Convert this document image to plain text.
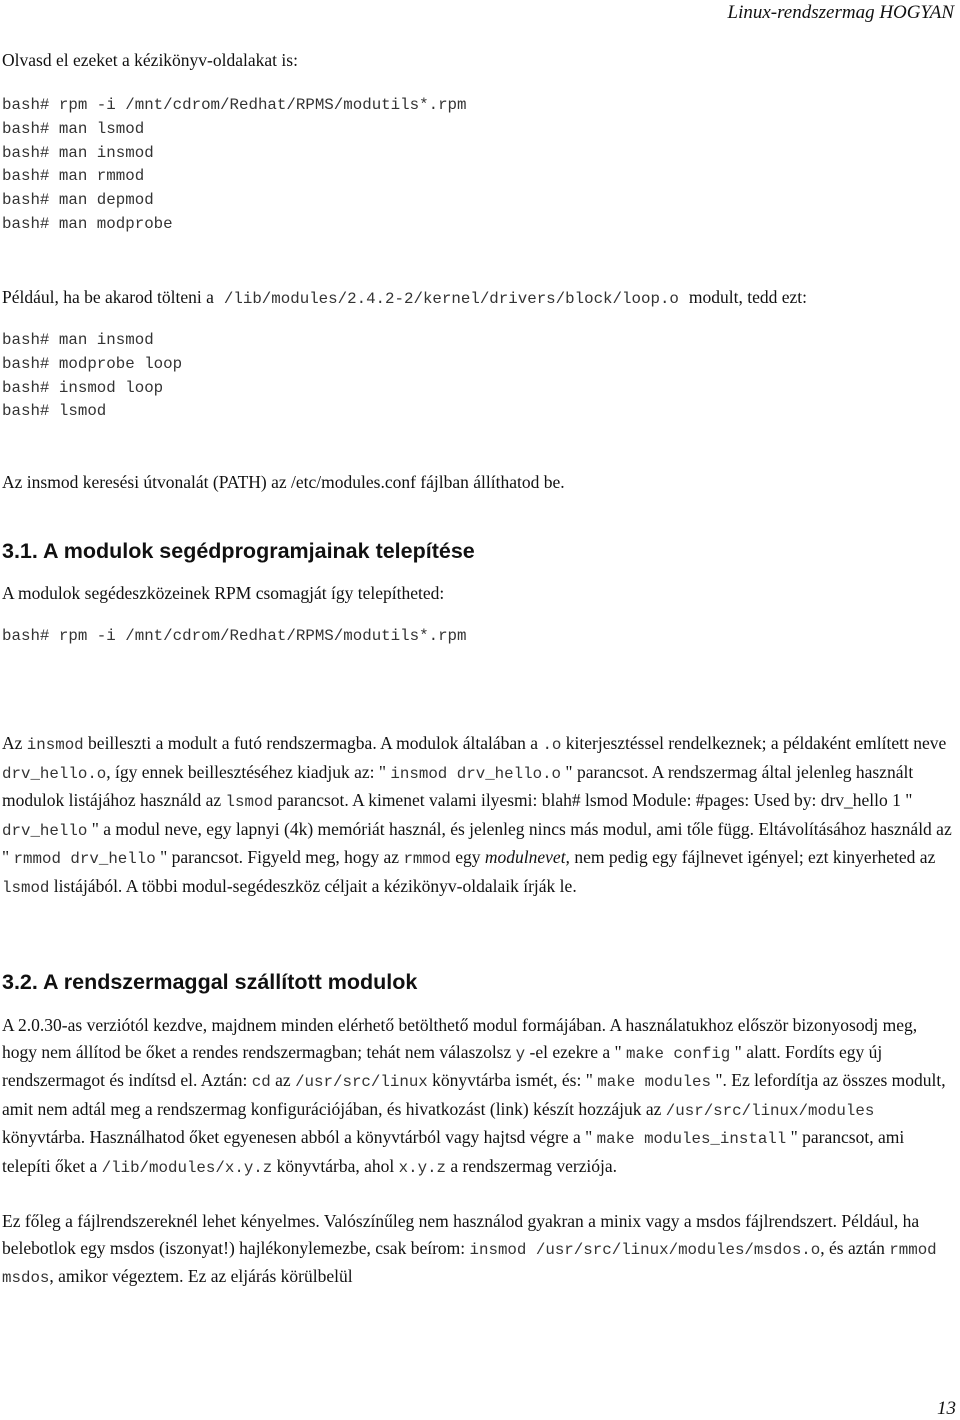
Linux-rendszermag HOGYAN

Olvasd el ezeket a kézikönyv-oldalakat is:

bash# rpm -i /mnt/cdrom/Redhat/RPMS/modutils*.rpm
bash# man lsmod
bash# man insmod
bash# man rmmod
bash# man depmod
bash# man modprobe

Például, ha be akarod tölteni a /lib/modules/2.4.2-2/kernel/drivers/block/loop.o modult, tedd ezt:

bash# man insmod
bash# modprobe loop
bash# insmod loop
bash# lsmod

Az insmod keresési útvonalát (PATH) az /etc/modules.conf fájlban állíthatod be.

3.1. A modulok segédprogramjainak telepítése

A modulok segédeszközeinek RPM csomagját így telepítheted:

bash# rpm -i /mnt/cdrom/Redhat/RPMS/modutils*.rpm

Az insmod beilleszti a modult a futó rendszermagba. A modulok általában a .o kiterjesztéssel rendelkeznek; a példaként említett neve drv_hello.o, így ennek beillesztéséhez kiadjuk az: " insmod drv_hello.o " parancsot. A rendszermag által jelenleg használt modulok listájához használd az lsmod parancsot. A kimenet valami ilyesmi: blah# lsmod Module: #pages: Used by: drv_hello 1 " drv_hello " a modul neve, egy lapnyi (4k) memóriát használ, és jelenleg nincs más modul, ami tőle függ. Eltávolításához használd az " rmmod drv_hello " parancsot. Figyeld meg, hogy az rmmod egy modulnevet, nem pedig egy fájlnevet igényel; ezt kinyerheted az lsmod listájából. A többi modul-segédeszköz céljait a kézikönyv-oldalaik írják le.

3.2. A rendszermaggal szállított modulok

A 2.0.30-as verziótól kezdve, majdnem minden elérhető betölthető modul formájában. A használatukhoz először bizonyosodj meg, hogy nem állítod be őket a rendes rendszermagban; tehát nem válaszolsz y -el ezekre a " make config " alatt. Fordíts egy új rendszermagot és indítsd el. Aztán: cd az /usr/src/linux könyvtárba ismét, és: " make modules ". Ez lefordítja az összes modult, amit nem adtál meg a rendszermag konfigurációjában, és hivatkozást (link) készít hozzájuk az /usr/src/linux/modules könyvtárba. Használhatod őket egyenesen abból a könyvtárból vagy hajtsd végre a " make modules_install " parancsot, ami telepíti őket a /lib/modules/x.y.z könyvtárba, ahol x.y.z a rendszermag verziója.

Ez főleg a fájlrendszereknél lehet kényelmes. Valószínűleg nem használod gyakran a minix vagy a msdos fájlrendszert. Például, ha belebotlok egy msdos (iszonyat!) hajlékonylemezbe, csak beírom: insmod /usr/src/linux/modules/msdos.o, és aztán rmmod msdos, amikor végeztem. Ez az eljárás körülbelül

13
